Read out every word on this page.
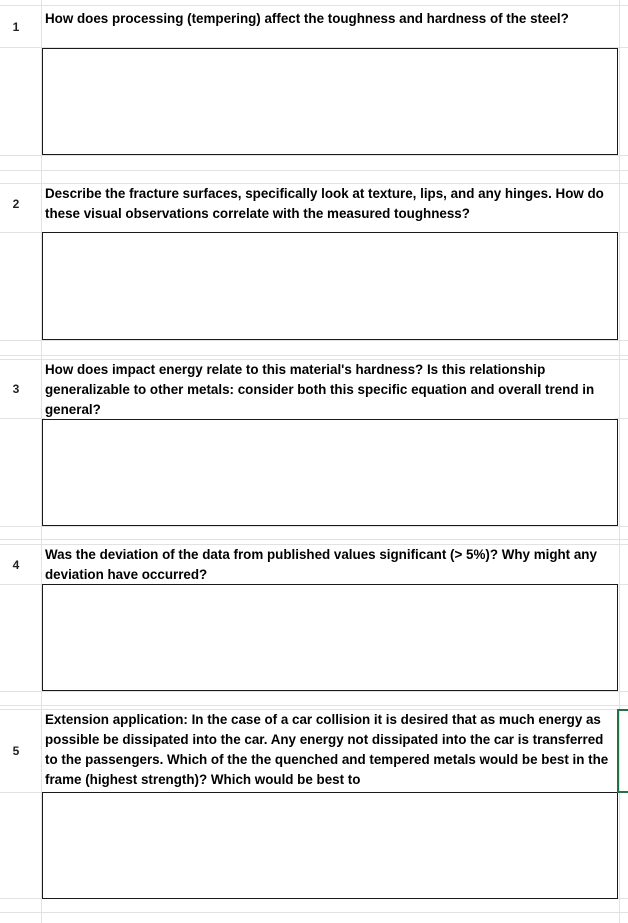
1
How does processing (tempering) affect the toughness and hardness of the steel?
2
Describe the fracture surfaces, specifically look at texture, lips, and any hinges. How do these visual observations correlate with the measured toughness?
3
How does impact energy relate to this material's hardness? Is this relationship generalizable to other metals: consider both this specific equation and overall trend in general?
4
Was the deviation of the data from published values significant (> 5%)? Why might any deviation have occurred?
5
Extension application: In the case of a car collision it is desired that as much energy as possible be dissipated into the car. Any energy not dissipated into the car is transferred to the passengers. Which of the the quenched and tempered metals would be best in the frame (highest strength)? Which would be best to
